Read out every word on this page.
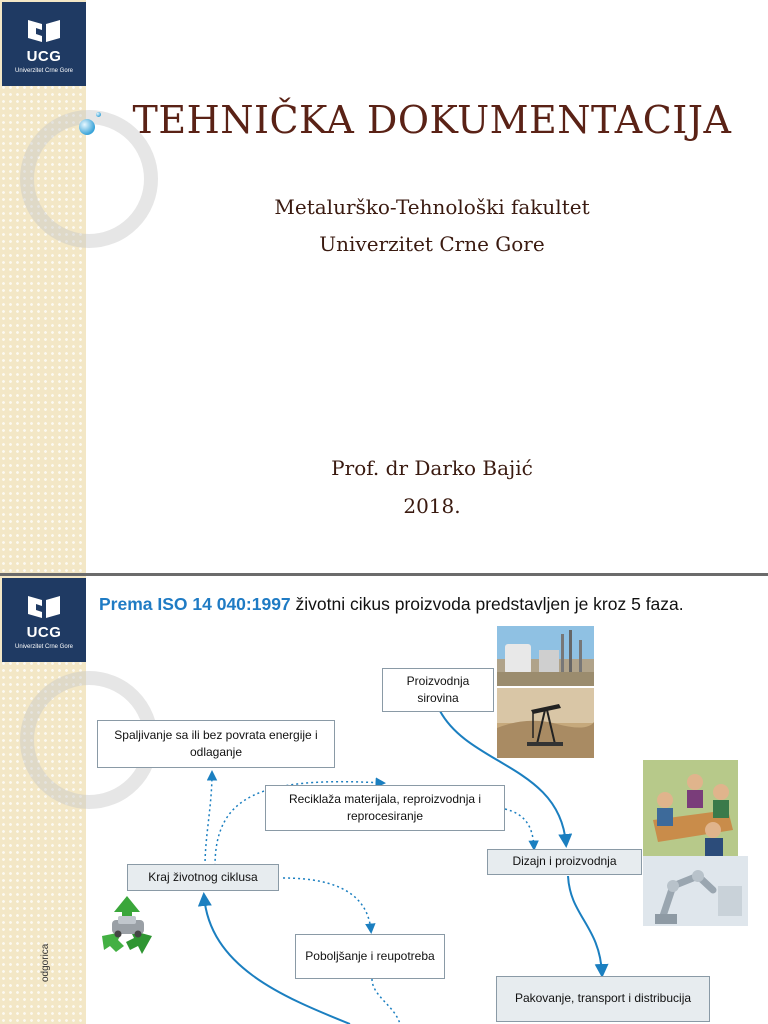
UCG
Univerzitet Crne Gore
TEHNIČKA DOKUMENTACIJA
Metalurško-Tehnološki fakultet
Univerzitet Crne Gore
Prof. dr Darko Bajić
2018.
UCG
Univerzitet Crne Gore
odgorica
Prema ISO 14 040:1997 životni cikus proizvoda predstavljen je kroz 5 faza.
Proizvodnja sirovina
Spaljivanje sa ili bez povrata energije i odlaganje
Reciklaža materijala, reproizvodnja i reprocesiranje
Dizajn i proizvodnja
Kraj životnog ciklusa
Poboljšanje i reupotreba
Pakovanje, transport i distribucija
